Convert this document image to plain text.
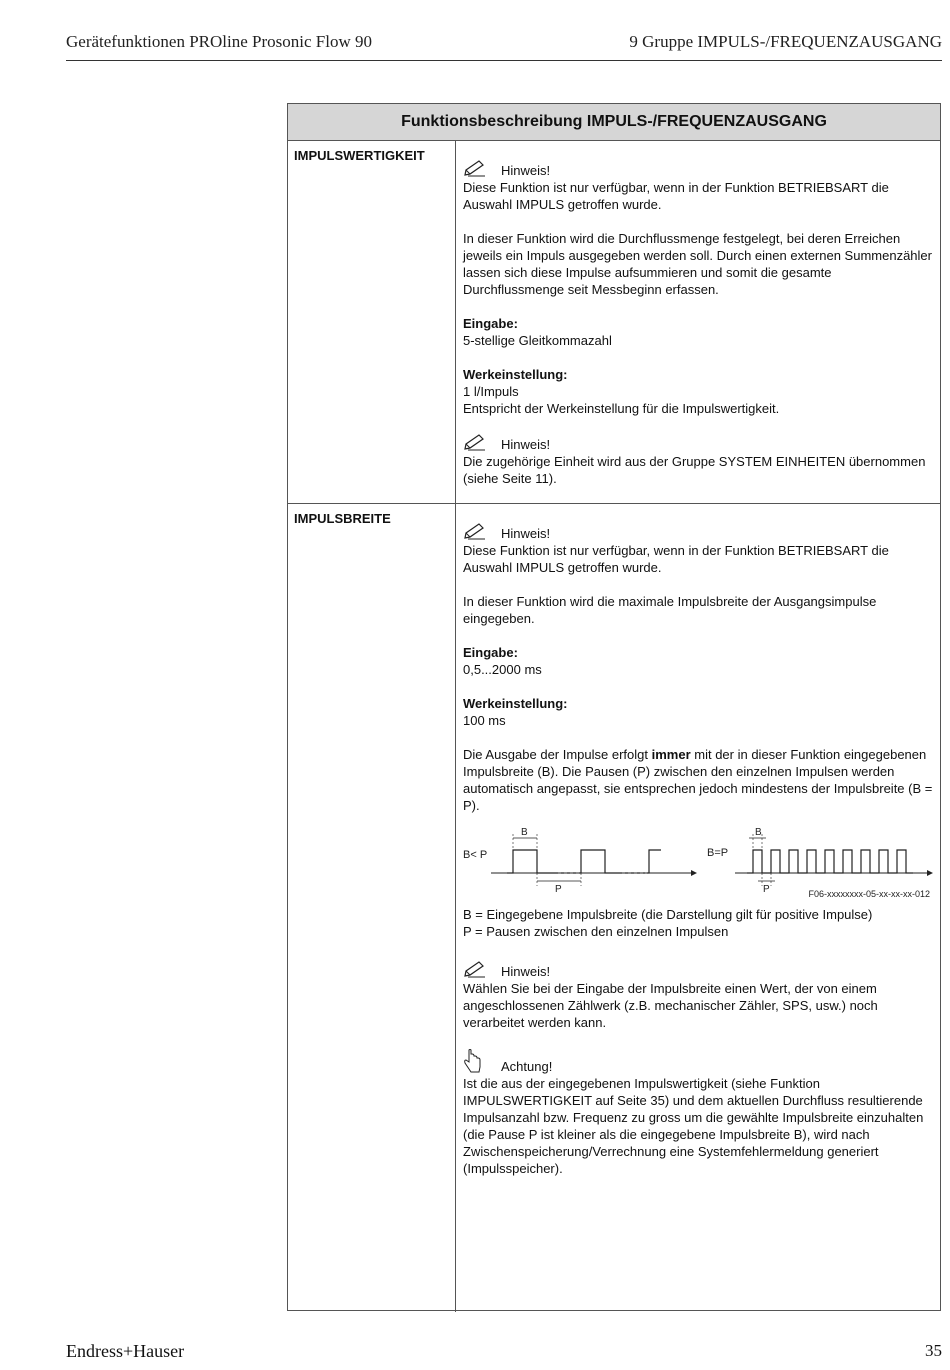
Gerätefunktionen PROline Prosonic Flow 90	9 Gruppe IMPULS-/FREQUENZAUSGANG
Funktionsbeschreibung IMPULS-/FREQUENZAUSGANG
IMPULSWERTIGKEIT
Hinweis!

Diese Funktion ist nur verfügbar, wenn in der Funktion BETRIEBSART die Auswahl IMPULS getroffen wurde.

In dieser Funktion wird die Durchflussmenge festgelegt, bei deren Erreichen jeweils ein Impuls ausgegeben werden soll. Durch einen externen Summenzähler lassen sich diese Impulse aufsummieren und somit die gesamte Durchflussmenge seit Messbeginn erfassen.

Eingabe:

5-stellige Gleitkommazahl

Werkeinstellung:

1 l/Impuls

Entspricht der Werkeinstellung für die Impulswertigkeit.

Hinweis!

Die zugehörige Einheit wird aus der Gruppe SYSTEM EINHEITEN übernommen (siehe Seite 11).

IMPULSBREITE
Hinweis!

Diese Funktion ist nur verfügbar, wenn in der Funktion BETRIEBSART die Auswahl IMPULS getroffen wurde.

In dieser Funktion wird die maximale Impulsbreite der Ausgangsimpulse eingegeben.

Eingabe:

0,5...2000 ms

Werkeinstellung:

100 ms

Die Ausgabe der Impulse erfolgt immer mit der in dieser Funktion eingegebenen Impulsbreite (B). Die Pausen (P) zwischen den einzelnen Impulsen werden automatisch angepasst, sie entsprechen jedoch mindestens der Impulsbreite (B = P).

B< P
B
P
B=P
B
P	F06-xxxxxxxx-05-xx-xx-xx-012

B = Eingegebene Impulsbreite (die Darstellung gilt für positive Impulse)

P = Pausen zwischen den einzelnen Impulsen

Hinweis!

Wählen Sie bei der Eingabe der Impulsbreite einen Wert, der von einem angeschlossenen Zählwerk (z.B. mechanischer Zähler, SPS, usw.) noch verarbeitet werden kann.

Achtung!

Ist die aus der eingegebenen Impulswertigkeit (siehe Funktion IMPULSWERTIGKEIT auf Seite 35) und dem aktuellen Durchfluss resultierende Impulsanzahl bzw. Frequenz zu gross um die gewählte Impulsbreite einzuhalten (die Pause P ist kleiner als die eingegebene Impulsbreite B), wird nach Zwischenspeicherung/Verrechnung eine Systemfehlermeldung generiert (Impulsspeicher).

Endress+Hauser	35
